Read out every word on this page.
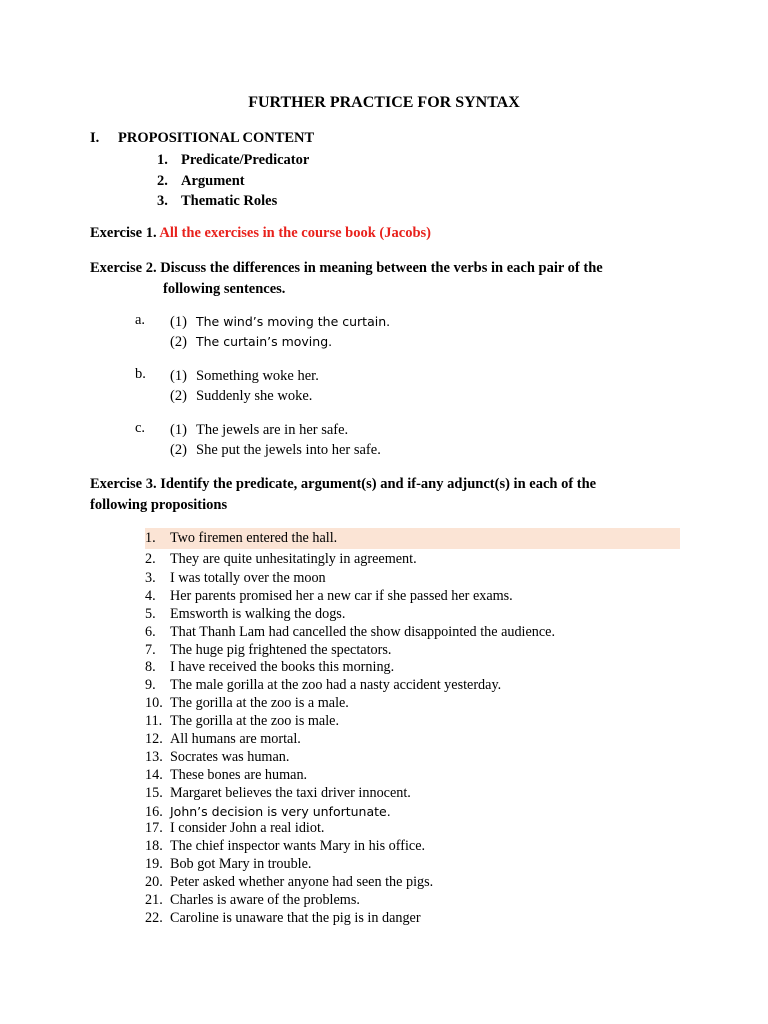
FURTHER PRACTICE FOR SYNTAX
I. PROPOSITIONAL CONTENT
1. Predicate/Predicator
2. Argument
3. Thematic Roles
Exercise 1. All the exercises in the course book (Jacobs)
Exercise 2. Discuss the differences in meaning between the verbs in each pair of the
following sentences.
a. (1) The wind’s moving the curtain.
(2) The curtain’s moving.
b. (1) Something woke her.
(2) Suddenly she woke.
c. (1) The jewels are in her safe.
(2) She put the jewels into her safe.
Exercise 3. Identify the predicate, argument(s) and if-any adjunct(s) in each of the
following propositions
1. Two firemen entered the hall.
2. They are quite unhesitatingly in agreement.
3. I was totally over the moon
4. Her parents promised her a new car if she passed her exams.
5. Emsworth is walking the dogs.
6. That Thanh Lam had cancelled the show disappointed the audience.
7. The huge pig frightened the spectators.
8. I have received the books this morning.
9. The male gorilla at the zoo had a nasty accident yesterday.
10. The gorilla at the zoo is a male.
11. The gorilla at the zoo is male.
12. All humans are mortal.
13. Socrates was human.
14. These bones are human.
15. Margaret believes the taxi driver innocent.
16. John’s decision is very unfortunate.
17. I consider John a real idiot.
18. The chief inspector wants Mary in his office.
19. Bob got Mary in trouble.
20. Peter asked whether anyone had seen the pigs.
21. Charles is aware of the problems.
22. Caroline is unaware that the pig is in danger
